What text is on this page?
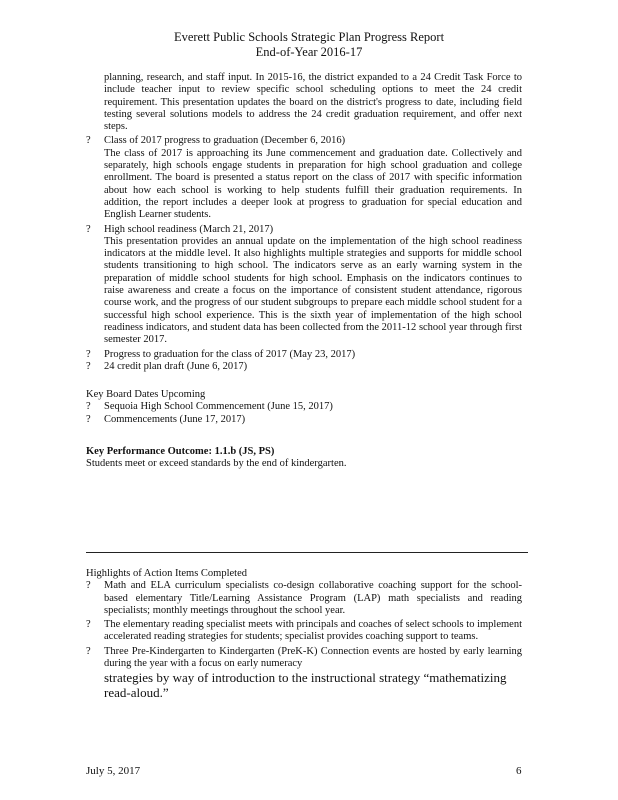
Everett Public Schools Strategic Plan Progress Report
End-of-Year 2016-17
planning, research, and staff input. In 2015-16, the district expanded to a 24 Credit Task Force to include teacher input to review specific school scheduling options to meet the 24 credit requirement. This presentation updates the board on the district's progress to date, including field testing several solutions models to address the 24 credit graduation requirement, and offer next steps.
?	Class of 2017 progress to graduation (December 6, 2016)
The class of 2017 is approaching its June commencement and graduation date. Collectively and separately, high schools engage students in preparation for high school graduation and college enrollment. The board is presented a status report on the class of 2017 with specific information about how each school is working to help students fulfill their graduation requirements. In addition, the report includes a deeper look at progress to graduation for special education and English Learner students.
?	High school readiness (March 21, 2017)
This presentation provides an annual update on the implementation of the high school readiness indicators at the middle level. It also highlights multiple strategies and supports for middle school students transitioning to high school. The indicators serve as an early warning system in the preparation of middle school students for high school. Emphasis on the indicators continues to raise awareness and create a focus on the importance of consistent student attendance, rigorous course work, and the progress of our student subgroups to prepare each middle school student for a successful high school experience. This is the sixth year of implementation of the high school readiness indicators, and student data has been collected from the 2011-12 school year through first semester 2017.
?	Progress to graduation for the class of 2017 (May 23, 2017)
?	24 credit plan draft (June 6, 2017)
Key Board Dates Upcoming
?	Sequoia High School Commencement (June 15, 2017)
?	Commencements (June 17, 2017)
Key Performance Outcome: 1.1.b (JS, PS)
Students meet or exceed standards by the end of kindergarten.
Highlights of Action Items Completed
?	Math and ELA curriculum specialists co-design collaborative coaching support for the school-based elementary Title/Learning Assistance Program (LAP) math specialists and reading specialists; monthly meetings throughout the school year.
?	The elementary reading specialist meets with principals and coaches of select schools to implement accelerated reading strategies for students; specialist provides coaching support to teams.
?	Three Pre-Kindergarten to Kindergarten (PreK-K) Connection events are hosted by early learning during the year with a focus on early numeracy
strategies by way of introduction to the instructional strategy “mathematizing read-aloud.”
July 5, 2017	6
